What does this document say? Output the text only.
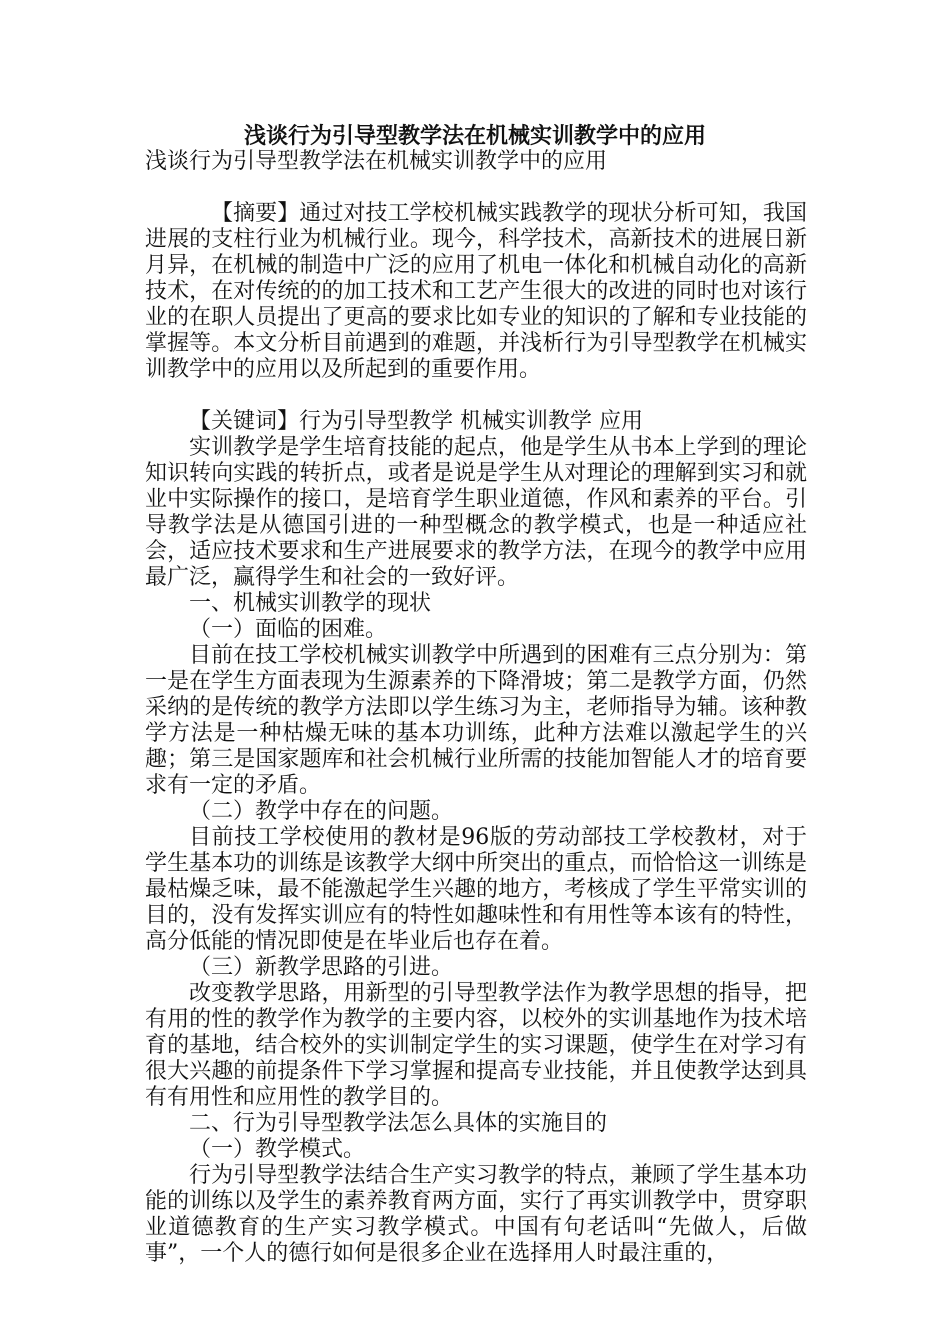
浅谈行为引导型教学法在机械实训教学中的应用

浅谈行为引导型教学法在机械实训教学中的应用

【摘要】通过对技工学校机械实践教学的现状分析可知，我国进展的支柱行业为机械行业。现今，科学技术，高新技术的进展日新月异，在机械的制造中广泛的应用了机电一体化和机械自动化的高新技术，在对传统的的加工技术和工艺产生很大的改进的同时也对该行业的在职人员提出了更高的要求比如专业的知识的了解和专业技能的掌握等。本文分析目前遇到的难题，并浅析行为引导型教学在机械实训教学中的应用以及所起到的重要作用。

【关键词】行为引导型教学 机械实训教学 应用

实训教学是学生培育技能的起点，他是学生从书本上学到的理论知识转向实践的转折点，或者是说是学生从对理论的理解到实习和就业中实际操作的接口，是培育学生职业道德，作风和素养的平台。引导教学法是从德国引进的一种型概念的教学模式，也是一种适应社会，适应技术要求和生产进展要求的教学方法，在现今的教学中应用最广泛，赢得学生和社会的一致好评。

一、机械实训教学的现状

（一）面临的困难。

目前在技工学校机械实训教学中所遇到的困难有三点分别为：第一是在学生方面表现为生源素养的下降滑坡；第二是教学方面，仍然采纳的是传统的教学方法即以学生练习为主，老师指导为辅。该种教学方法是一种枯燥无味的基本功训练，此种方法难以激起学生的兴趣；第三是国家题库和社会机械行业所需的技能加智能人才的培育要求有一定的矛盾。

（二）教学中存在的问题。

目前技工学校使用的教材是96版的劳动部技工学校教材，对于学生基本功的训练是该教学大纲中所突出的重点，而恰恰这一训练是最枯燥乏味，最不能激起学生兴趣的地方，考核成了学生平常实训的目的，没有发挥实训应有的特性如趣味性和有用性等本该有的特性，高分低能的情况即使是在毕业后也存在着。

（三）新教学思路的引进。

改变教学思路，用新型的引导型教学法作为教学思想的指导，把有用的性的教学作为教学的主要内容，以校外的实训基地作为技术培育的基地，结合校外的实训制定学生的实习课题，使学生在对学习有很大兴趣的前提条件下学习掌握和提高专业技能，并且使教学达到具有有用性和应用性的教学目的。

二、行为引导型教学法怎么具体的实施目的

（一）教学模式。

行为引导型教学法结合生产实习教学的特点，兼顾了学生基本功能的训练以及学生的素养教育两方面，实行了再实训教学中，贯穿职业道德教育的生产实习教学模式。中国有句老话叫“先做人，后做事”，一个人的德行如何是很多企业在选择用人时最注重的，
